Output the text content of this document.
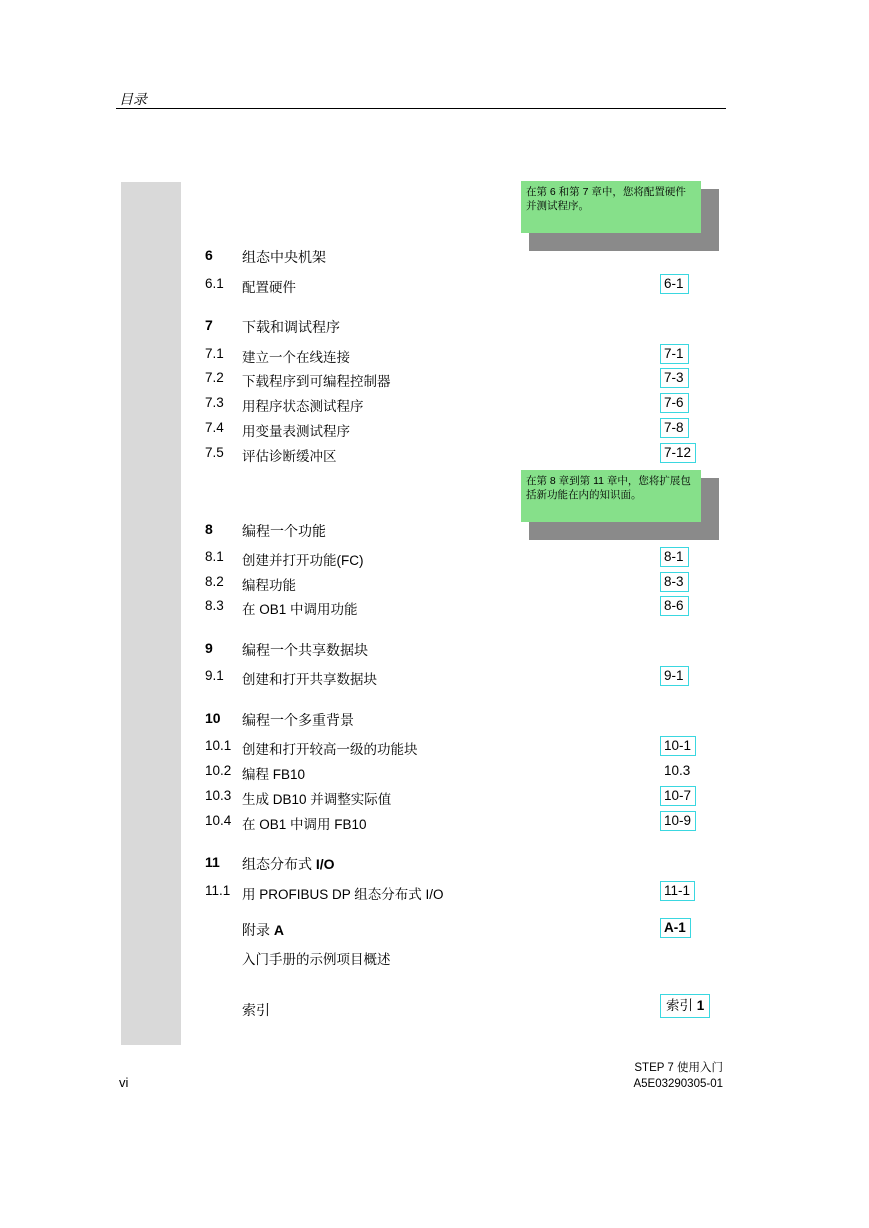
目录
在第 6 和第 7 章中，您将配置硬件并测试程序。
在第 8 章到第 11 章中，您将扩展包括新功能在内的知识面。
6 组态中央机架
6.1 配置硬件	6-1
7 下载和调试程序
7.1 建立一个在线连接	7-1
7.2 下载程序到可编程控制器	7-3
7.3 用程序状态测试程序	7-6
7.4 用变量表测试程序	7-8
7.5 评估诊断缓冲区	7-12
8 编程一个功能
8.1 创建并打开功能(FC)	8-1
8.2 编程功能	8-3
8.3 在 OB1 中调用功能	8-6
9 编程一个共享数据块
9.1 创建和打开共享数据块	9-1
10 编程一个多重背景
10.1 创建和打开较高一级的功能块	10-1
10.2 编程 FB10	10.3
10.3 生成 DB10 并调整实际值	10-7
10.4 在 OB1 中调用 FB10	10-9
11 组态分布式 I/O
11.1 用 PROFIBUS DP 组态分布式 I/O	11-1
附录 A	A-1
入门手册的示例项目概述
索引	索引 1
vi
STEP 7 使用入门
A5E03290305-01
